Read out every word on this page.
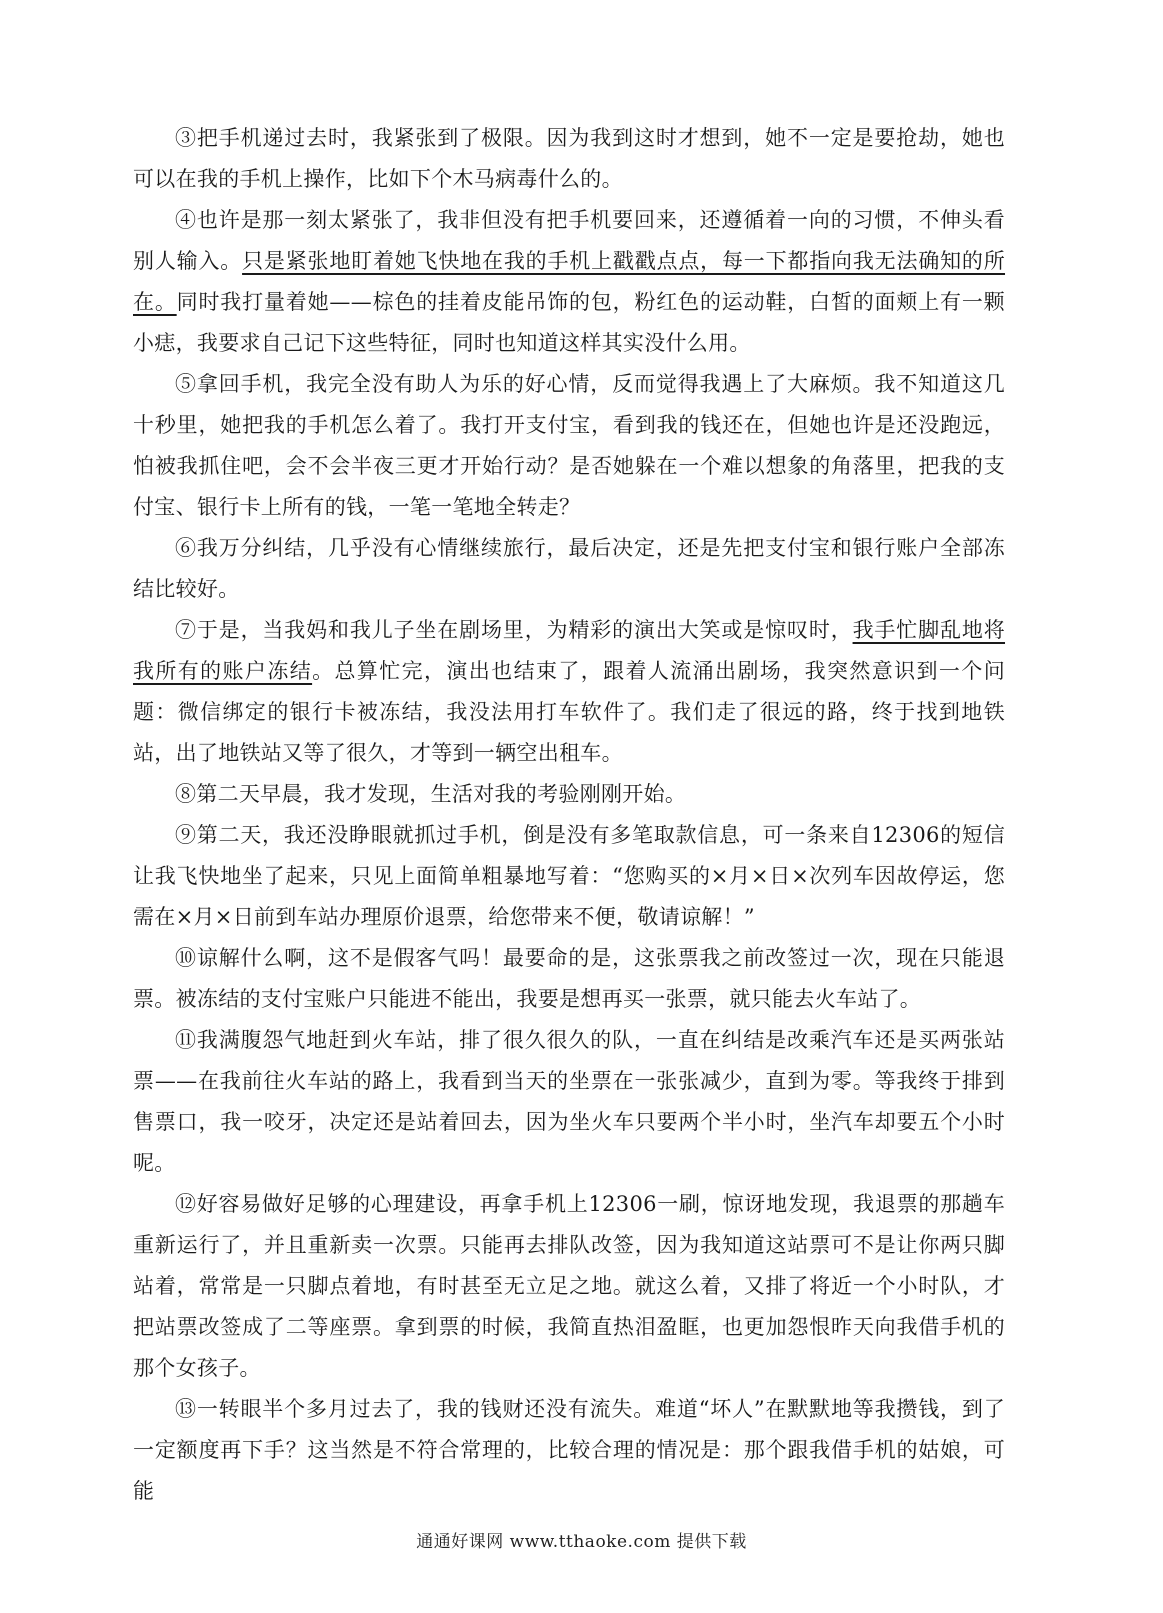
③把手机递过去时，我紧张到了极限。因为我到这时才想到，她不一定是要抢劫，她也可以在我的手机上操作，比如下个木马病毒什么的。

④也许是那一刻太紧张了，我非但没有把手机要回来，还遵循着一向的习惯，不伸头看别人输入。只是紧张地盯着她飞快地在我的手机上戳戳点点，每一下都指向我无法确知的所在。同时我打量着她——棕色的挂着皮能吊饰的包，粉红色的运动鞋，白皙的面颊上有一颗小痣，我要求自己记下这些特征，同时也知道这样其实没什么用。

⑤拿回手机，我完全没有助人为乐的好心情，反而觉得我遇上了大麻烦。我不知道这几十秒里，她把我的手机怎么着了。我打开支付宝，看到我的钱还在，但她也许是还没跑远，怕被我抓住吧，会不会半夜三更才开始行动？是否她躲在一个难以想象的角落里，把我的支付宝、银行卡上所有的钱，一笔一笔地全转走？

⑥我万分纠结，几乎没有心情继续旅行，最后决定，还是先把支付宝和银行账户全部冻结比较好。

⑦于是，当我妈和我儿子坐在剧场里，为精彩的演出大笑或是惊叹时，我手忙脚乱地将我所有的账户冻结。总算忙完，演出也结束了，跟着人流涌出剧场，我突然意识到一个问题：微信绑定的银行卡被冻结，我没法用打车软件了。我们走了很远的路，终于找到地铁站，出了地铁站又等了很久，才等到一辆空出租车。

⑧第二天早晨，我才发现，生活对我的考验刚刚开始。

⑨第二天，我还没睁眼就抓过手机，倒是没有多笔取款信息，可一条来自12306的短信让我飞快地坐了起来，只见上面简单粗暴地写着：“您购买的×月×日×次列车因故停运，您需在×月×日前到车站办理原价退票，给您带来不便，敬请谅解！”

⑩谅解什么啊，这不是假客气吗！最要命的是，这张票我之前改签过一次，现在只能退票。被冻结的支付宝账户只能进不能出，我要是想再买一张票，就只能去火车站了。

⑪我满腹怨气地赶到火车站，排了很久很久的队，一直在纠结是改乘汽车还是买两张站票——在我前往火车站的路上，我看到当天的坐票在一张张减少，直到为零。等我终于排到售票口，我一咬牙，决定还是站着回去，因为坐火车只要两个半小时，坐汽车却要五个小时呢。

⑫好容易做好足够的心理建设，再拿手机上12306一刷，惊讶地发现，我退票的那趟车重新运行了，并且重新卖一次票。只能再去排队改签，因为我知道这站票可不是让你两只脚站着，常常是一只脚点着地，有时甚至无立足之地。就这么着，又排了将近一个小时队，才把站票改签成了二等座票。拿到票的时候，我简直热泪盈眶，也更加怨恨昨天向我借手机的那个女孩子。

⑬一转眼半个多月过去了，我的钱财还没有流失。难道“坏人”在默默地等我攒钱，到了一定额度再下手？这当然是不符合常理的，比较合理的情况是：那个跟我借手机的姑娘，可能

通通好课网 www.tthaoke.com 提供下载
